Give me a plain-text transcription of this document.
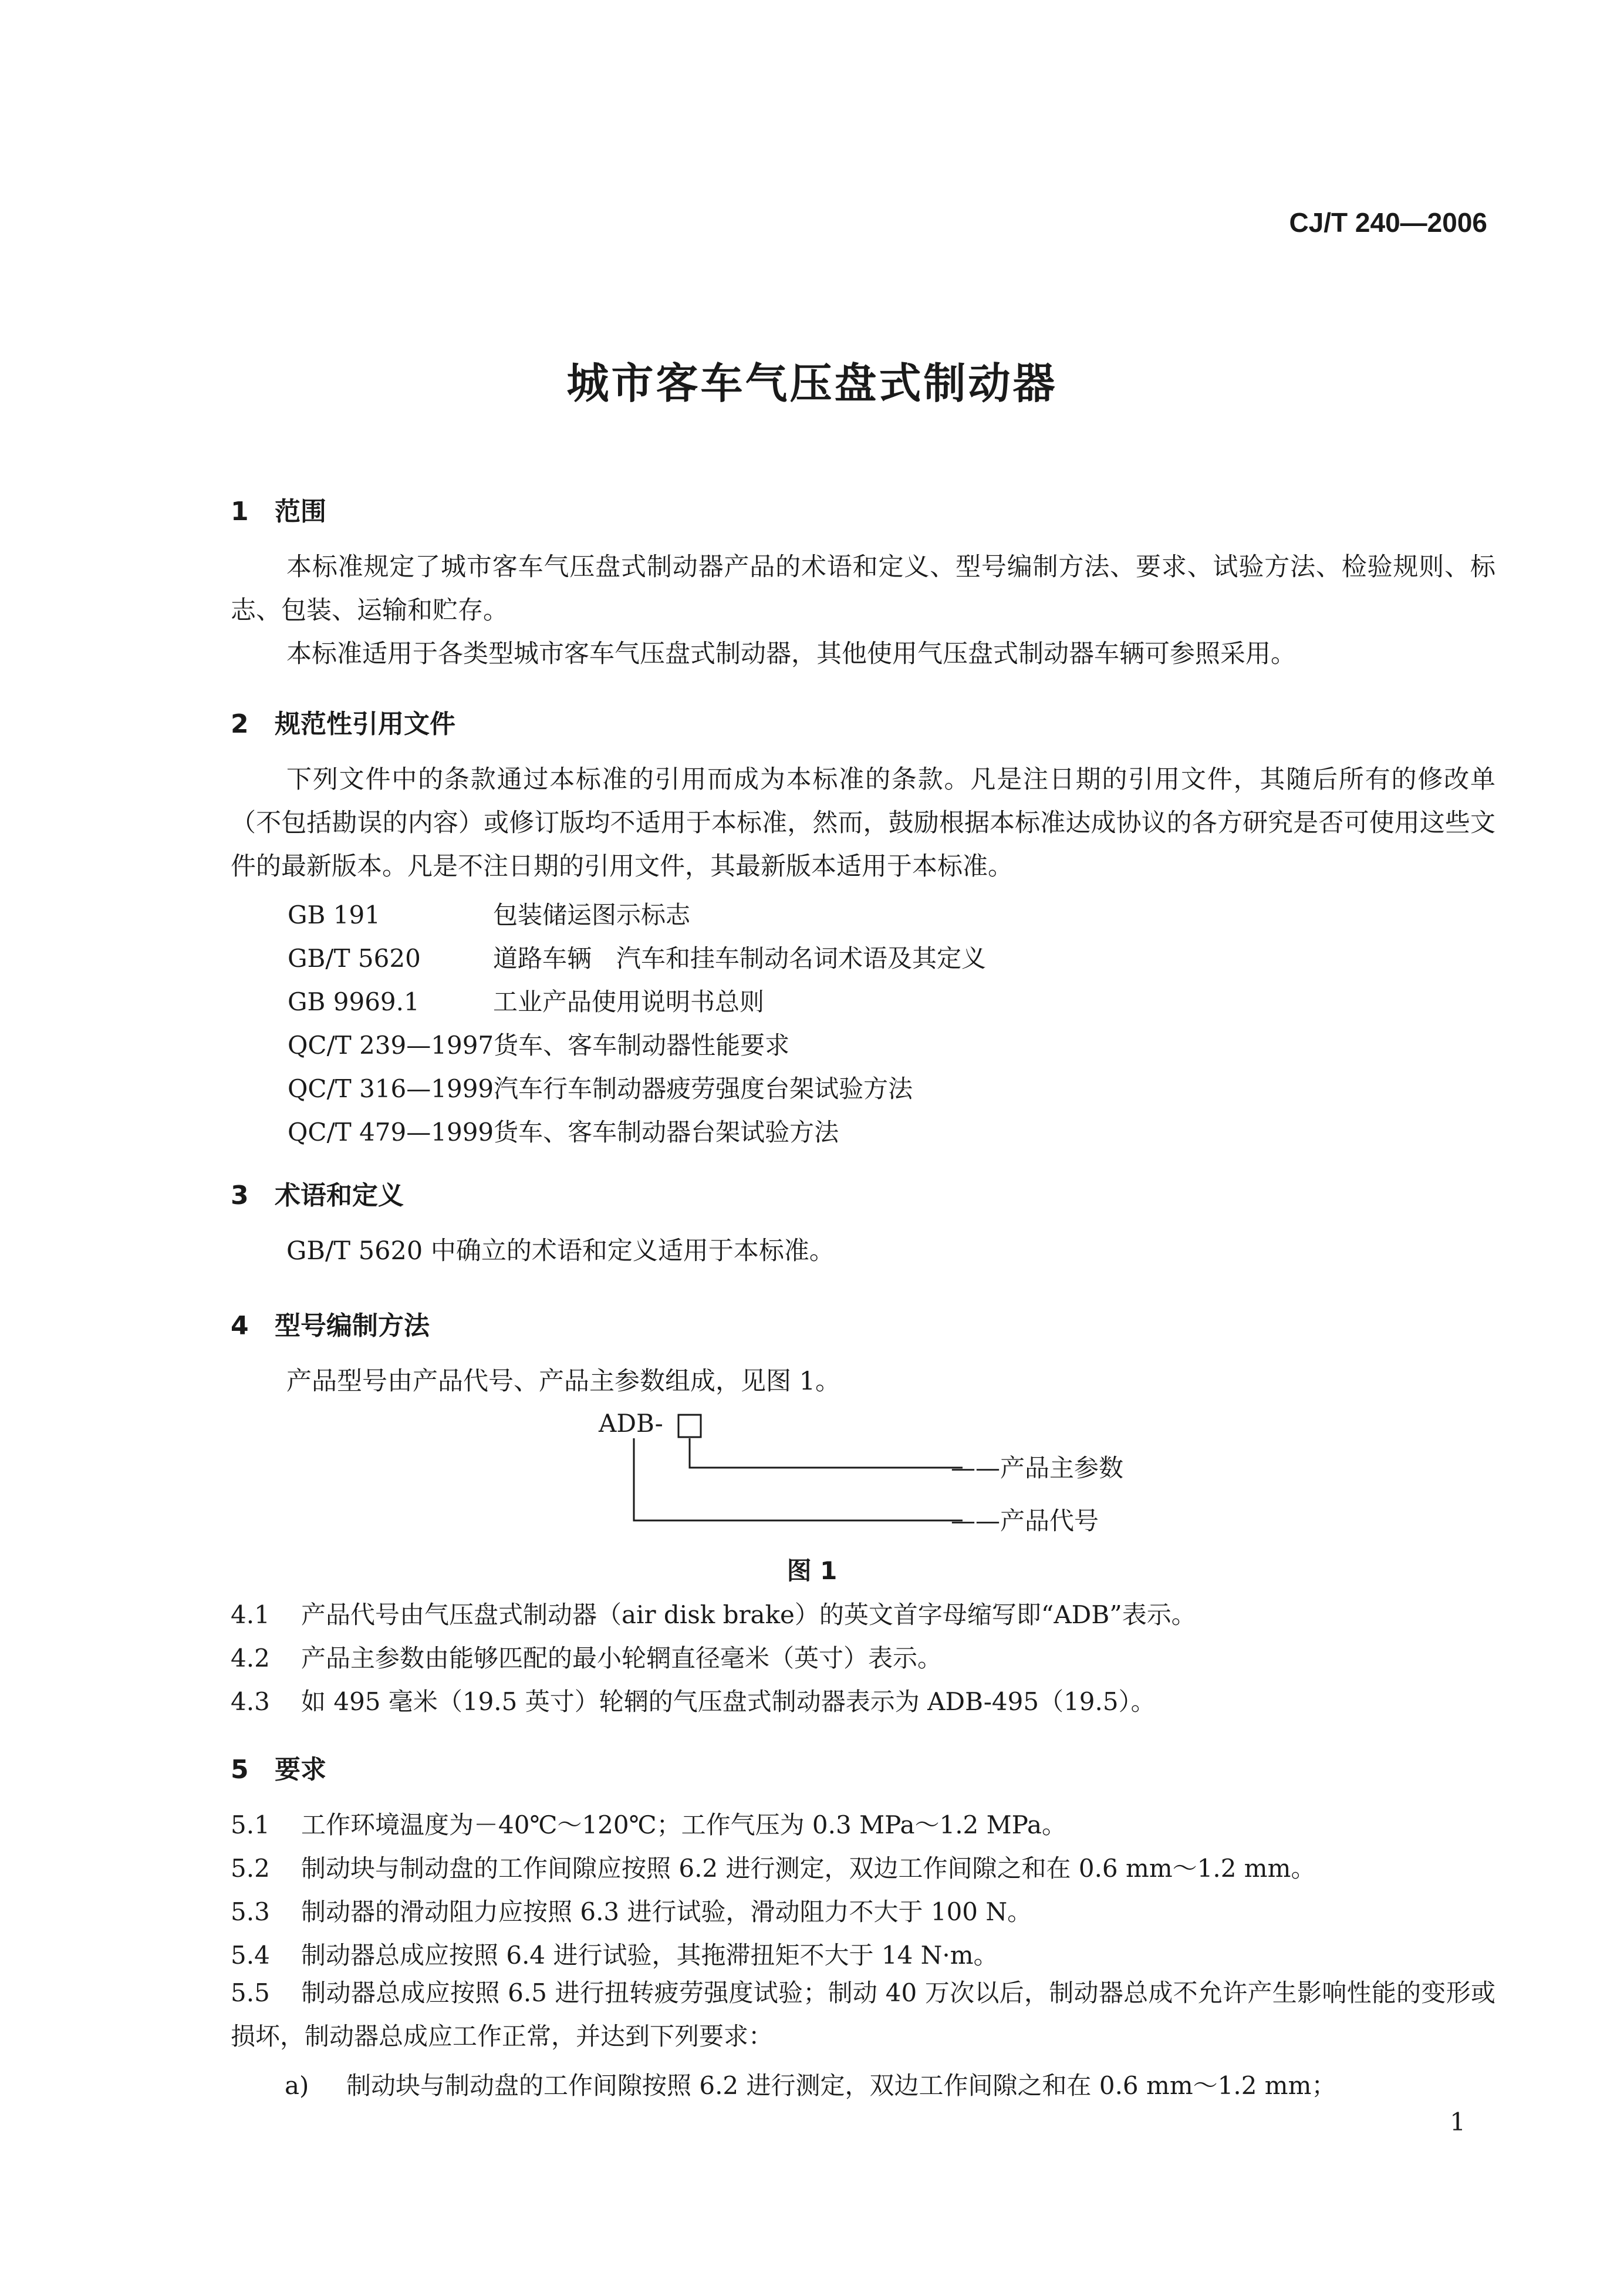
CJ/T 240—2006
城市客车气压盘式制动器
1 范围
本标准规定了城市客车气压盘式制动器产品的术语和定义、型号编制方法、要求、试验方法、检验规则、标志、包装、运输和贮存。
本标准适用于各类型城市客车气压盘式制动器，其他使用气压盘式制动器车辆可参照采用。
2 规范性引用文件
下列文件中的条款通过本标准的引用而成为本标准的条款。凡是注日期的引用文件，其随后所有的修改单（不包括勘误的内容）或修订版均不适用于本标准，然而，鼓励根据本标准达成协议的各方研究是否可使用这些文件的最新版本。凡是不注日期的引用文件，其最新版本适用于本标准。
GB 191	包装储运图示标志
GB/T 5620	道路车辆　汽车和挂车制动名词术语及其定义
GB 9969.1	工业产品使用说明书总则
QC/T 239—1997货车、客车制动器性能要求
QC/T 316—1999汽车行车制动器疲劳强度台架试验方法
QC/T 479—1999货车、客车制动器台架试验方法
3 术语和定义
GB/T 5620 中确立的术语和定义适用于本标准。
4 型号编制方法
产品型号由产品代号、产品主参数组成，见图 1。
ADB-
——产品主参数
——产品代号
图 1
4.1 产品代号由气压盘式制动器（air disk brake）的英文首字母缩写即“ADB”表示。
4.2 产品主参数由能够匹配的最小轮辋直径毫米（英寸）表示。
4.3 如 495 毫米（19.5 英寸）轮辋的气压盘式制动器表示为 ADB-495（19.5）。
5 要求
5.1 工作环境温度为－40℃～120℃；工作气压为 0.3 MPa～1.2 MPa。
5.2 制动块与制动盘的工作间隙应按照 6.2 进行测定，双边工作间隙之和在 0.6 mm～1.2 mm。
5.3 制动器的滑动阻力应按照 6.3 进行试验，滑动阻力不大于 100 N。
5.4 制动器总成应按照 6.4 进行试验，其拖滞扭矩不大于 14 N·m。
5.5 制动器总成应按照 6.5 进行扭转疲劳强度试验；制动 40 万次以后，制动器总成不允许产生影响性能的变形或损坏，制动器总成应工作正常，并达到下列要求：
a) 制动块与制动盘的工作间隙按照 6.2 进行测定，双边工作间隙之和在 0.6 mm～1.2 mm；
1
